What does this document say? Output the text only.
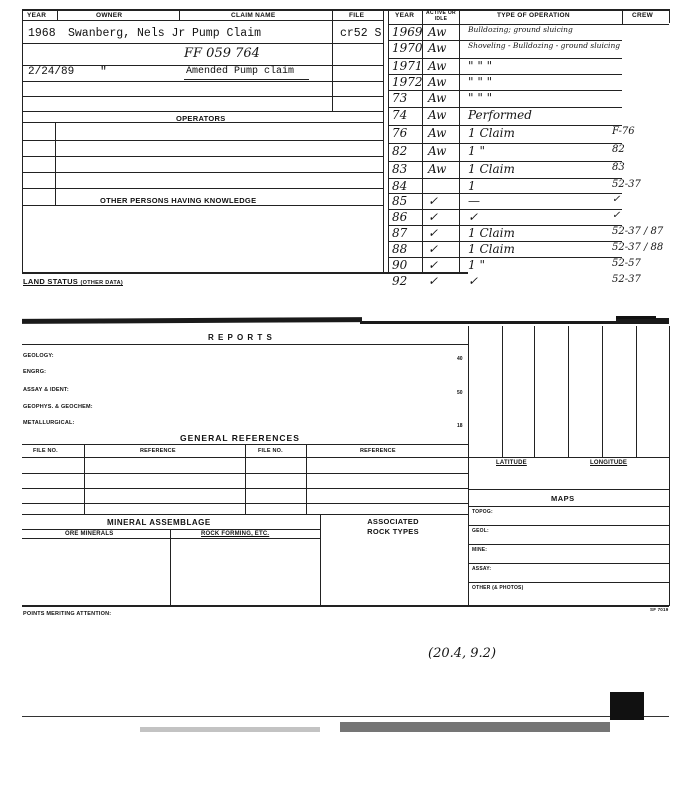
YEAR	OWNER	CLAIM NAME	FILE	YEAR ACTIVE OR IDLE	TYPE OF OPERATION	CREW
1968 Swanberg, Nels Jr Pump Claim	cr52 S
FF 059 764
2/24/89 "	Amended Pump claim
OPERATORS
OTHER PERSONS HAVING KNOWLEDGE
LAND STATUS (OTHER DATA)
1969 Aw	Bulldozing; ground sluicing
1970 Aw	Shoveling - Bulldozing - ground sluicing
1971 Aw " " "
1972 Aw " " "
73 Aw " " "
74 Aw Performed
76 Aw 1 Claim	F-76
82 Aw 1 "	82
83 Aw 1 Claim	83
84	1	52-37
85 ✓ —	✓
86 ✓ ✓	✓
87 ✓ 1 Claim	52-37 / 87
88 ✓ 1 Claim	52-37 / 88
90 ✓ 1 "	52-57
92 ✓ ✓	52-37
R E P O R T S
GEOLOGY:	40
ENGRG:
ASSAY & IDENT:	50
GEOPHYS. & GEOCHEM:
METALLURGICAL:	18
GENERAL REFERENCES
FILE NO.	REFERENCE	FILE NO.	REFERENCE
LATITUDE	LONGITUDE
MAPS
TOPOG:
GEOL:
MINE:
ASSAY:
OTHER (& PHOTOS)
MINERAL ASSEMBLAGE	ASSOCIATED ROCK TYPES
ORE MINERALS	ROCK FORMING, ETC.
POINTS MERITING ATTENTION:
SF 7019
(20.4, 9.2)
